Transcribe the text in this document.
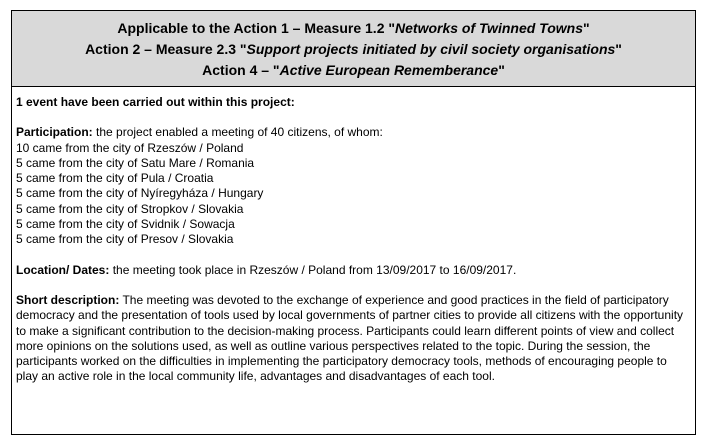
Applicable to the Action 1 – Measure 1.2 "Networks of Twinned Towns"
Action 2 – Measure 2.3 "Support projects initiated by civil society organisations"
Action 4 – "Active European Rememberance"

1 event have been carried out within this project:

Participation: the project enabled a meeting of 40 citizens, of whom:

10 came from the city of Rzeszów / Poland

5 came from the city of Satu Mare / Romania

5 came from the city of Pula / Croatia

5 came from the city of Nyíregyháza / Hungary

5 came from the city of Stropkov / Slovakia

5 came from the city of Svidnik / Sowacja

5 came from the city of Presov / Slovakia

Location/ Dates: the meeting took place in Rzeszów / Poland from 13/09/2017 to 16/09/2017.

Short description: The meeting was devoted to the exchange of experience and good practices in the field of participatory democracy and the presentation of tools used by local governments of partner cities to provide all citizens with the opportunity to make a significant contribution to the decision-making process. Participants could learn different points of view and collect more opinions on the solutions used, as well as outline various perspectives related to the topic. During the session, the participants worked on the difficulties in implementing the participatory democracy tools, methods of encouraging people to play an active role in the local community life, advantages and disadvantages of each tool.
